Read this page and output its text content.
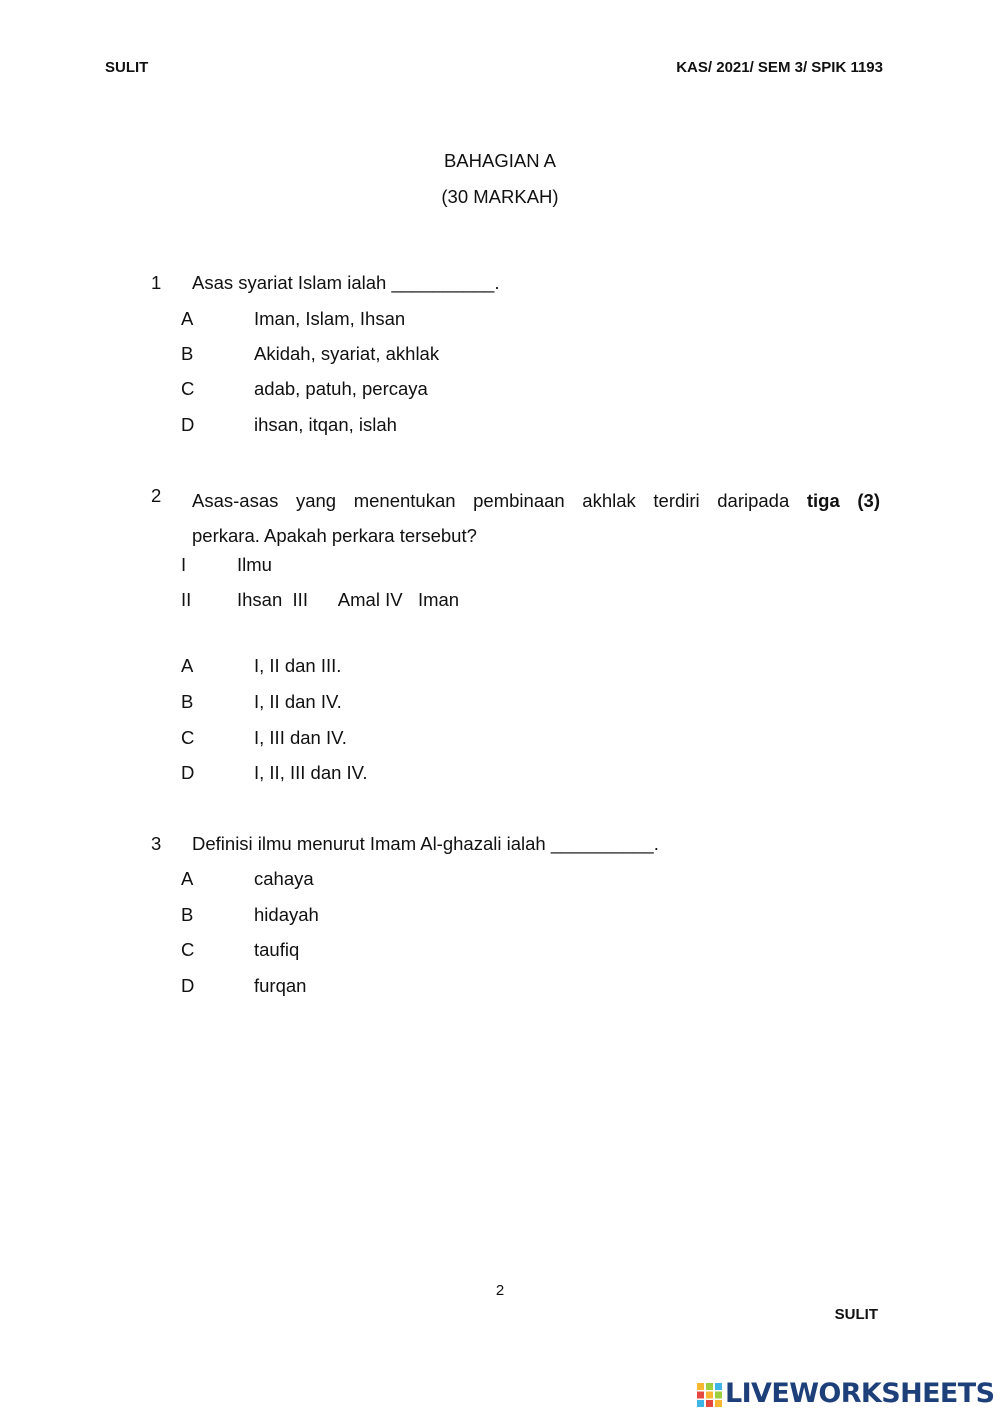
SULIT	KAS/ 2021/ SEM 3/ SPIK 1193
BAHAGIAN A
(30 MARKAH)
1 Asas syariat Islam ialah __________.
A	Iman, Islam, Ihsan
B	Akidah, syariat, akhlak
C	adab, patuh, percaya
D	ihsan, itqan, islah
2 Asas-asas yang menentukan pembinaan akhlak terdiri daripada tiga (3)
perkara. Apakah perkara tersebut?
I	Ilmu
II Ihsan  III      Amal IV   Iman
A	I, II dan III.
B	I, II dan IV.
C	I, III dan IV.
D	I, II, III dan IV.
3 Definisi ilmu menurut Imam Al-ghazali ialah __________.
A	cahaya
B	hidayah
C	taufiq
D	furqan
2
SULIT
LIVEWORKSHEETS
